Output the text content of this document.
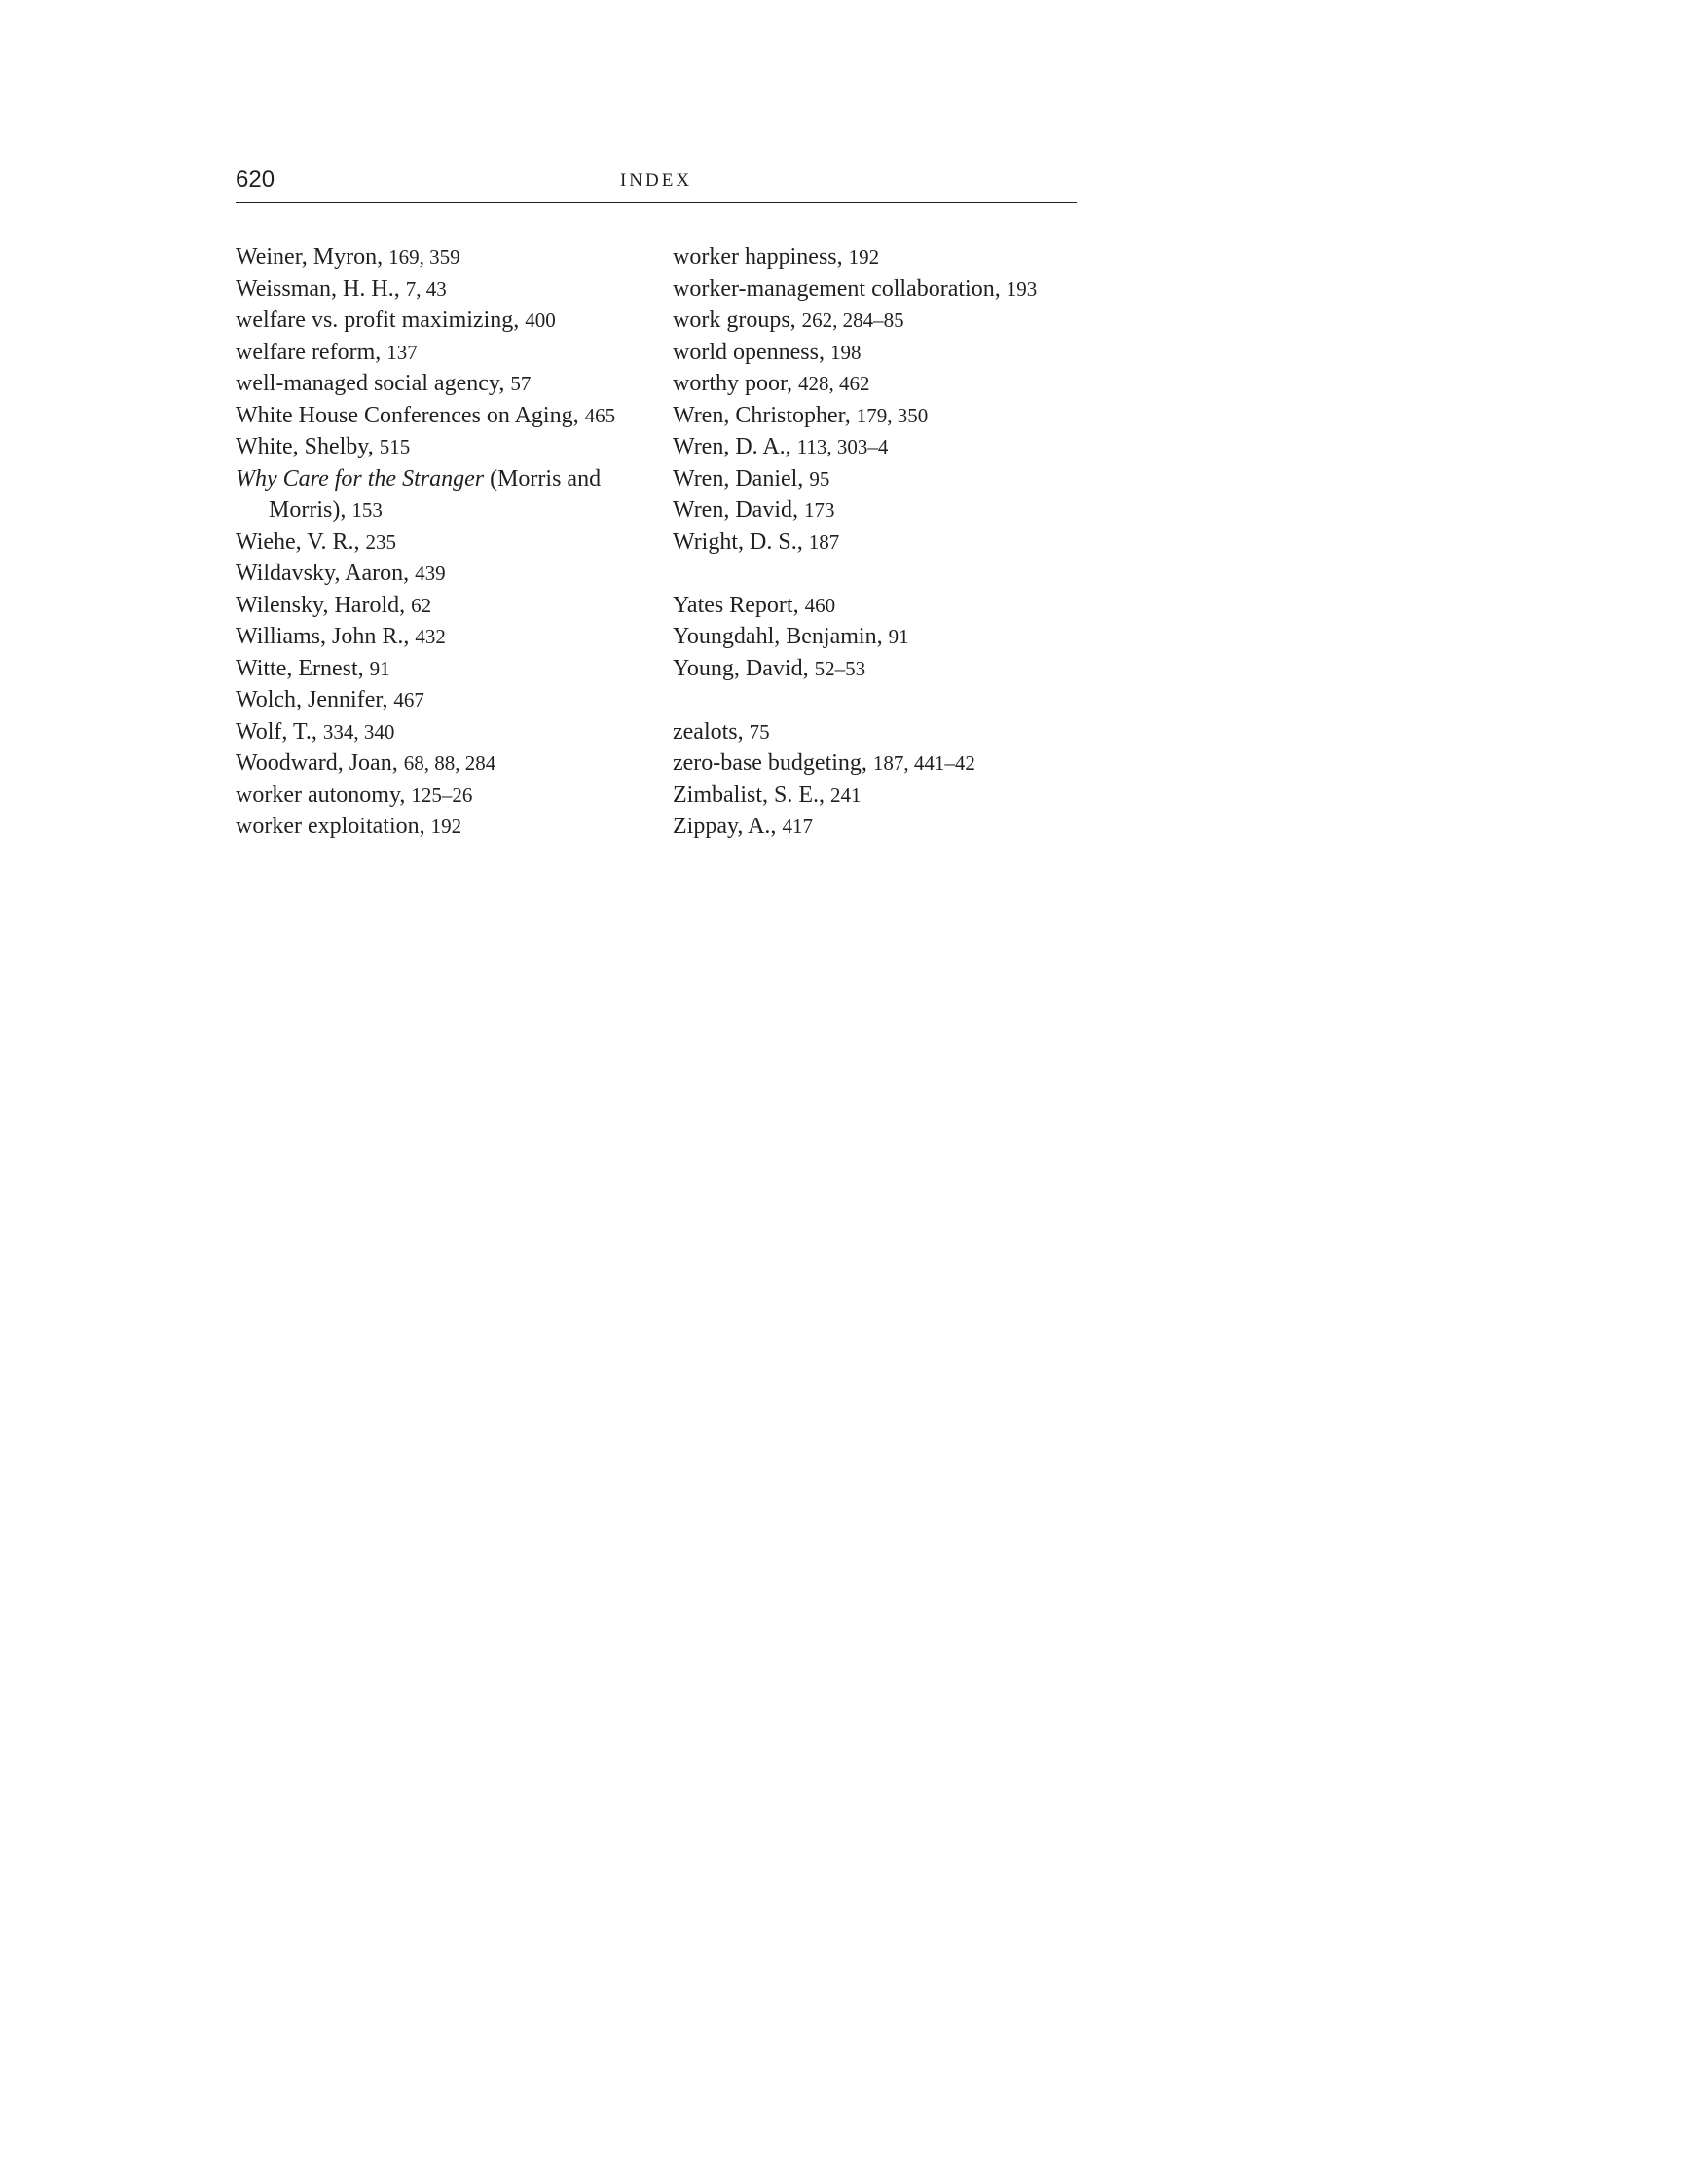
620	INDEX
Weiner, Myron, 169, 359
Weissman, H. H., 7, 43
welfare vs. profit maximizing, 400
welfare reform, 137
well-managed social agency, 57
White House Conferences on Aging, 465
White, Shelby, 515
Why Care for the Stranger (Morris and Morris), 153
Wiehe, V. R., 235
Wildavsky, Aaron, 439
Wilensky, Harold, 62
Williams, John R., 432
Witte, Ernest, 91
Wolch, Jennifer, 467
Wolf, T., 334, 340
Woodward, Joan, 68, 88, 284
worker autonomy, 125–26
worker exploitation, 192
worker happiness, 192
worker-management collaboration, 193
work groups, 262, 284–85
world openness, 198
worthy poor, 428, 462
Wren, Christopher, 179, 350
Wren, D. A., 113, 303–4
Wren, Daniel, 95
Wren, David, 173
Wright, D. S., 187
Yates Report, 460
Youngdahl, Benjamin, 91
Young, David, 52–53
zealots, 75
zero-base budgeting, 187, 441–42
Zimbalist, S. E., 241
Zippay, A., 417
